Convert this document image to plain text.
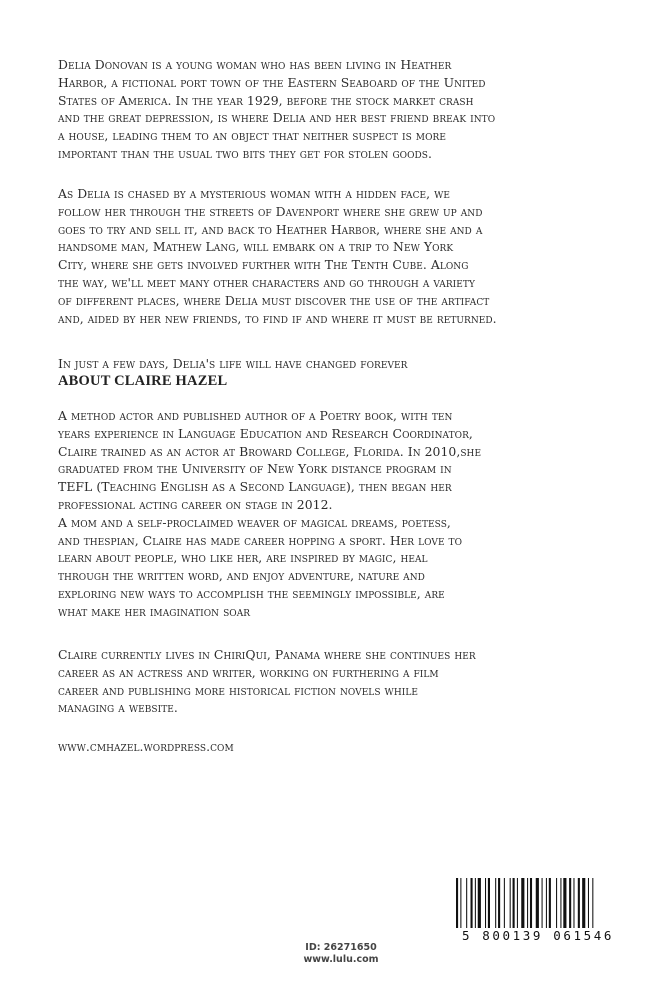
Delia Donovan is a young woman who has been living in Heather
Harbor, a fictional port town of the Eastern Seaboard of the United
States of America. In the year 1929, before the stock market crash
and the great depression, is where Delia and her best friend break into
a house, leading them to an object that neither suspect is more
important than the usual two bits they get for stolen goods.

As Delia is chased by a mysterious woman with a hidden face, we
follow her through the streets of Davenport where she grew up and
goes to try and sell it, and back to Heather Harbor, where she and a
handsome man, Mathew Lang, will embark on a trip to New York
City, where she gets involved further with The Tenth Cube. Along
the way, we'll meet many other characters and go through a variety
of different places, where Delia must discover the use of the artifact
and, aided by her new friends, to find if and where it must be returned.

In just a few days, Delia's life will have changed forever

ABOUT CLAIRE HAZEL

A method actor and published author of a Poetry book, with ten
years experience in Language Education and Research Coordinator,
Claire trained as an actor at Broward College, Florida. In 2010,she
graduated from the University of New York distance program in
TEFL (Teaching English as a Second Language), then began her
professional acting career on stage in 2012.
A mom and a self-proclaimed weaver of magical dreams, poetess,
and thespian, Claire has made career hopping a sport. Her love to
learn about people, who like her, are inspired by magic, heal
through the written word, and enjoy adventure, nature and
exploring new ways to accomplish the seemingly impossible, are
what make her imagination soar

Claire currently lives in ChiriQui, Panama where she continues her
career as an actress and writer, working on furthering a film
career and publishing more historical fiction novels while
managing a website.

www.cmhazel.wordpress.com

ID: 26271650
www.lulu.com
5 800139 061546
